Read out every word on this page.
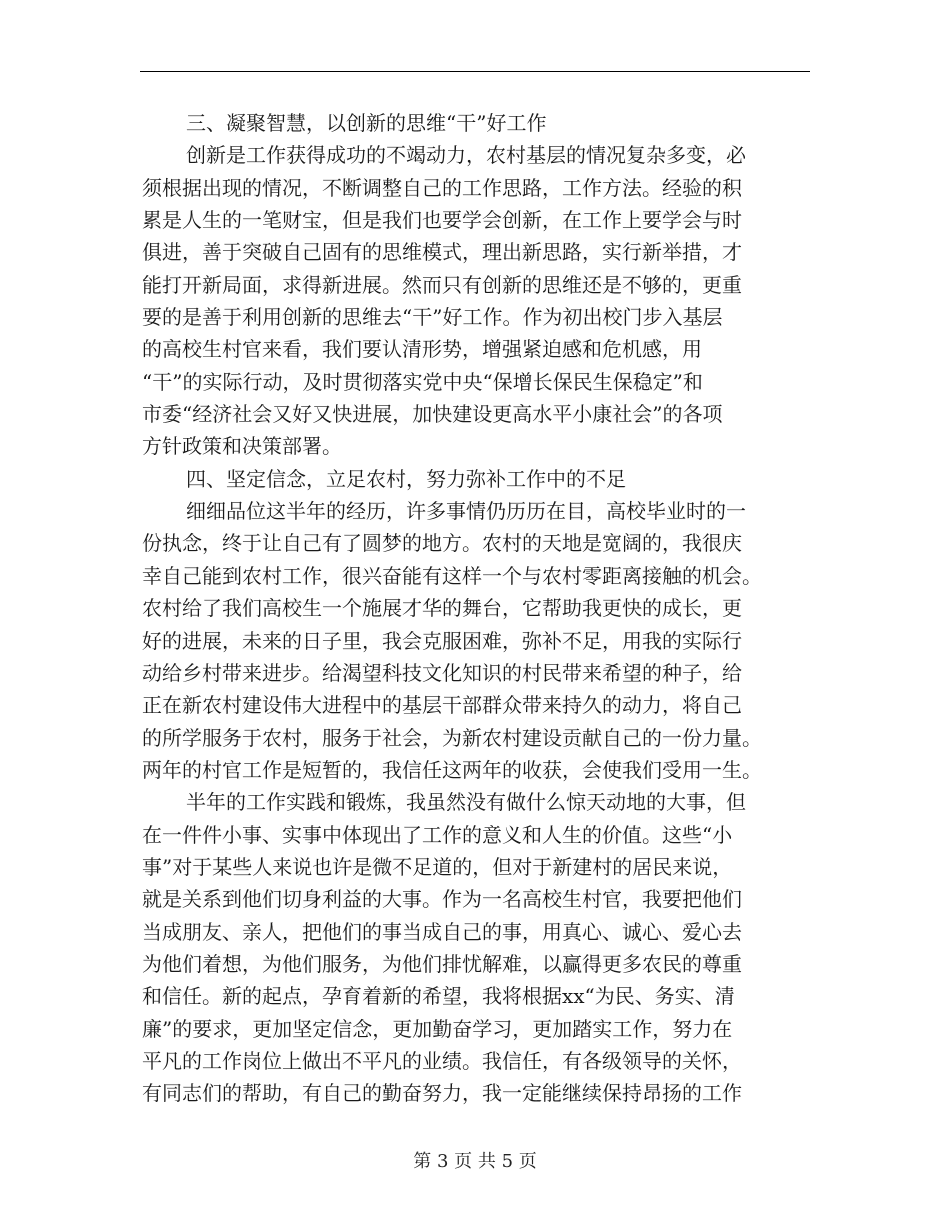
三、凝聚智慧，以创新的思维“干”好工作
创新是工作获得成功的不竭动力，农村基层的情况复杂多变，必
须根据出现的情况，不断调整自己的工作思路，工作方法。经验的积
累是人生的一笔财宝，但是我们也要学会创新，在工作上要学会与时
俱进，善于突破自己固有的思维模式，理出新思路，实行新举措，才
能打开新局面，求得新进展。然而只有创新的思维还是不够的，更重
要的是善于利用创新的思维去“干”好工作。作为初出校门步入基层
的高校生村官来看，我们要认清形势，增强紧迫感和危机感，用
“干”的实际行动，及时贯彻落实党中央“保增长保民生保稳定”和
市委“经济社会又好又快进展，加快建设更高水平小康社会”的各项
方针政策和决策部署。
四、坚定信念，立足农村，努力弥补工作中的不足
细细品位这半年的经历，许多事情仍历历在目，高校毕业时的一
份执念，终于让自己有了圆梦的地方。农村的天地是宽阔的，我很庆
幸自己能到农村工作，很兴奋能有这样一个与农村零距离接触的机会。
农村给了我们高校生一个施展才华的舞台，它帮助我更快的成长，更
好的进展，未来的日子里，我会克服困难，弥补不足，用我的实际行
动给乡村带来进步。给渴望科技文化知识的村民带来希望的种子，给
正在新农村建设伟大进程中的基层干部群众带来持久的动力，将自己
的所学服务于农村，服务于社会，为新农村建设贡献自己的一份力量。
两年的村官工作是短暂的，我信任这两年的收获，会使我们受用一生。
半年的工作实践和锻炼，我虽然没有做什么惊天动地的大事，但
在一件件小事、实事中体现出了工作的意义和人生的价值。这些“小
事”对于某些人来说也许是微不足道的，但对于新建村的居民来说，
就是关系到他们切身利益的大事。作为一名高校生村官，我要把他们
当成朋友、亲人，把他们的事当成自己的事，用真心、诚心、爱心去
为他们着想，为他们服务，为他们排忧解难，以赢得更多农民的尊重
和信任。新的起点，孕育着新的希望，我将根据xx“为民、务实、清
廉”的要求，更加坚定信念，更加勤奋学习，更加踏实工作，努力在
平凡的工作岗位上做出不平凡的业绩。我信任，有各级领导的关怀，
有同志们的帮助，有自己的勤奋努力，我一定能继续保持昂扬的工作
第 3 页 共 5 页
